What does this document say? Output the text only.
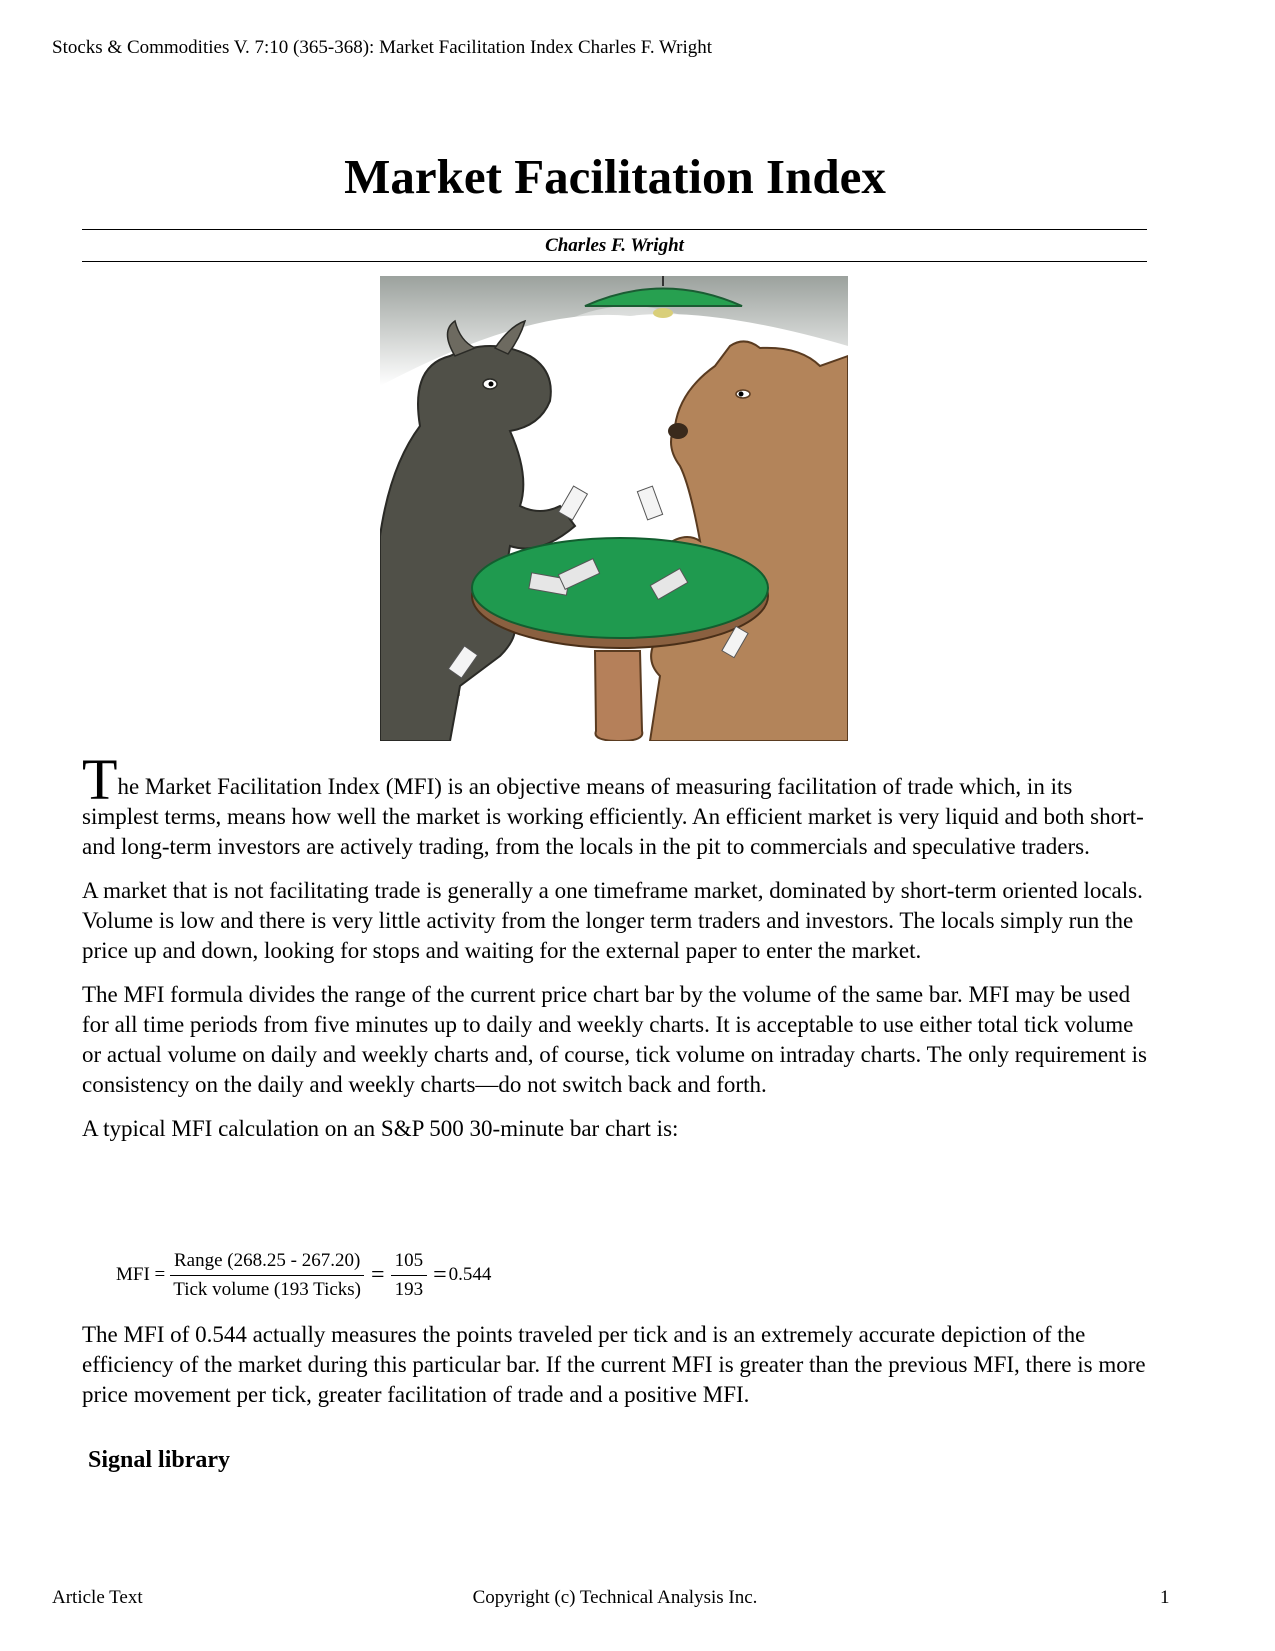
Stocks & Commodities V. 7:10 (365-368): Market Facilitation Index Charles F. Wright
Market Facilitation Index
Charles F. Wright

The Market Facilitation Index (MFI) is an objective means of measuring facilitation of trade which, in its simplest terms, means how well the market is working efficiently. An efficient market is very liquid and both short- and long-term investors are actively trading, from the locals in the pit to commercials and speculative traders.

A market that is not facilitating trade is generally a one timeframe market, dominated by short-term oriented locals. Volume is low and there is very little activity from the longer term traders and investors. The locals simply run the price up and down, looking for stops and waiting for the external paper to enter the market.

The MFI formula divides the range of the current price chart bar by the volume of the same bar. MFI may be used for all time periods from five minutes up to daily and weekly charts. It is acceptable to use either total tick volume or actual volume on daily and weekly charts and, of course, tick volume on intraday charts. The only requirement is consistency on the daily and weekly charts—do not switch back and forth.

A typical MFI calculation on an S&P 500 30-minute bar chart is:

MFI = $\frac{\text{Range (268.25 - 267.20)}}{\text{Tick volume (193 Ticks)}} = \frac{105}{193} = 0.544$

The MFI of 0.544 actually measures the points traveled per tick and is an extremely accurate depiction of the efficiency of the market during this particular bar. If the current MFI is greater than the previous MFI, there is more price movement per tick, greater facilitation of trade and a positive MFI.

Signal library
Article Text	Copyright (c) Technical Analysis Inc.	1
